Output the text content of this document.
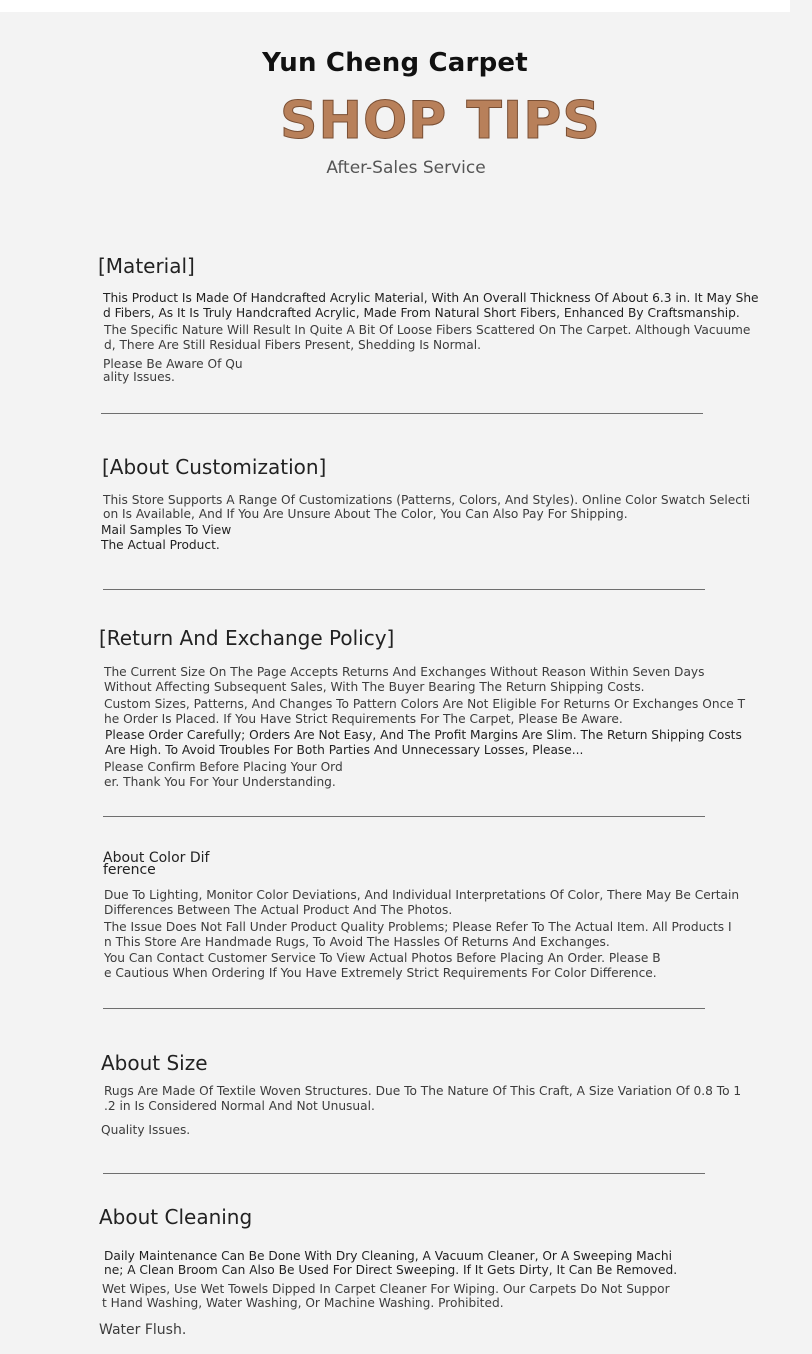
Yun Cheng Carpet
SHOP TIPS
After-Sales Service
[Material]
This Product Is Made Of Handcrafted Acrylic Material, With An Overall Thickness Of About 6.3 in. It May She
d Fibers, As It Is Truly Handcrafted Acrylic, Made From Natural Short Fibers, Enhanced By Craftsmanship.
The Specific Nature Will Result In Quite A Bit Of Loose Fibers Scattered On The Carpet. Although Vacuume
d, There Are Still Residual Fibers Present, Shedding Is Normal.
Please Be Aware Of Qu
ality Issues.
[About Customization]
This Store Supports A Range Of Customizations (Patterns, Colors, And Styles). Online Color Swatch Selecti
on Is Available, And If You Are Unsure About The Color, You Can Also Pay For Shipping.
Mail Samples To View
The Actual Product.
[Return And Exchange Policy]
The Current Size On The Page Accepts Returns And Exchanges Without Reason Within Seven Days
Without Affecting Subsequent Sales, With The Buyer Bearing The Return Shipping Costs.
Custom Sizes, Patterns, And Changes To Pattern Colors Are Not Eligible For Returns Or Exchanges Once T
he Order Is Placed. If You Have Strict Requirements For The Carpet, Please Be Aware.
Please Order Carefully; Orders Are Not Easy, And The Profit Margins Are Slim. The Return Shipping Costs
Are High. To Avoid Troubles For Both Parties And Unnecessary Losses, Please...
Please Confirm Before Placing Your Ord
er. Thank You For Your Understanding.
About Color Dif
ference
Due To Lighting, Monitor Color Deviations, And Individual Interpretations Of Color, There May Be Certain
Differences Between The Actual Product And The Photos.
The Issue Does Not Fall Under Product Quality Problems; Please Refer To The Actual Item. All Products I
n This Store Are Handmade Rugs, To Avoid The Hassles Of Returns And Exchanges.
You Can Contact Customer Service To View Actual Photos Before Placing An Order. Please B
e Cautious When Ordering If You Have Extremely Strict Requirements For Color Difference.
About Size
Rugs Are Made Of Textile Woven Structures. Due To The Nature Of This Craft, A Size Variation Of 0.8 To 1
.2 in Is Considered Normal And Not Unusual.
Quality Issues.
About Cleaning
Daily Maintenance Can Be Done With Dry Cleaning, A Vacuum Cleaner, Or A Sweeping Machi
ne; A Clean Broom Can Also Be Used For Direct Sweeping. If It Gets Dirty, It Can Be Removed.
Wet Wipes, Use Wet Towels Dipped In Carpet Cleaner For Wiping. Our Carpets Do Not Suppor
t Hand Washing, Water Washing, Or Machine Washing. Prohibited.
Water Flush.
